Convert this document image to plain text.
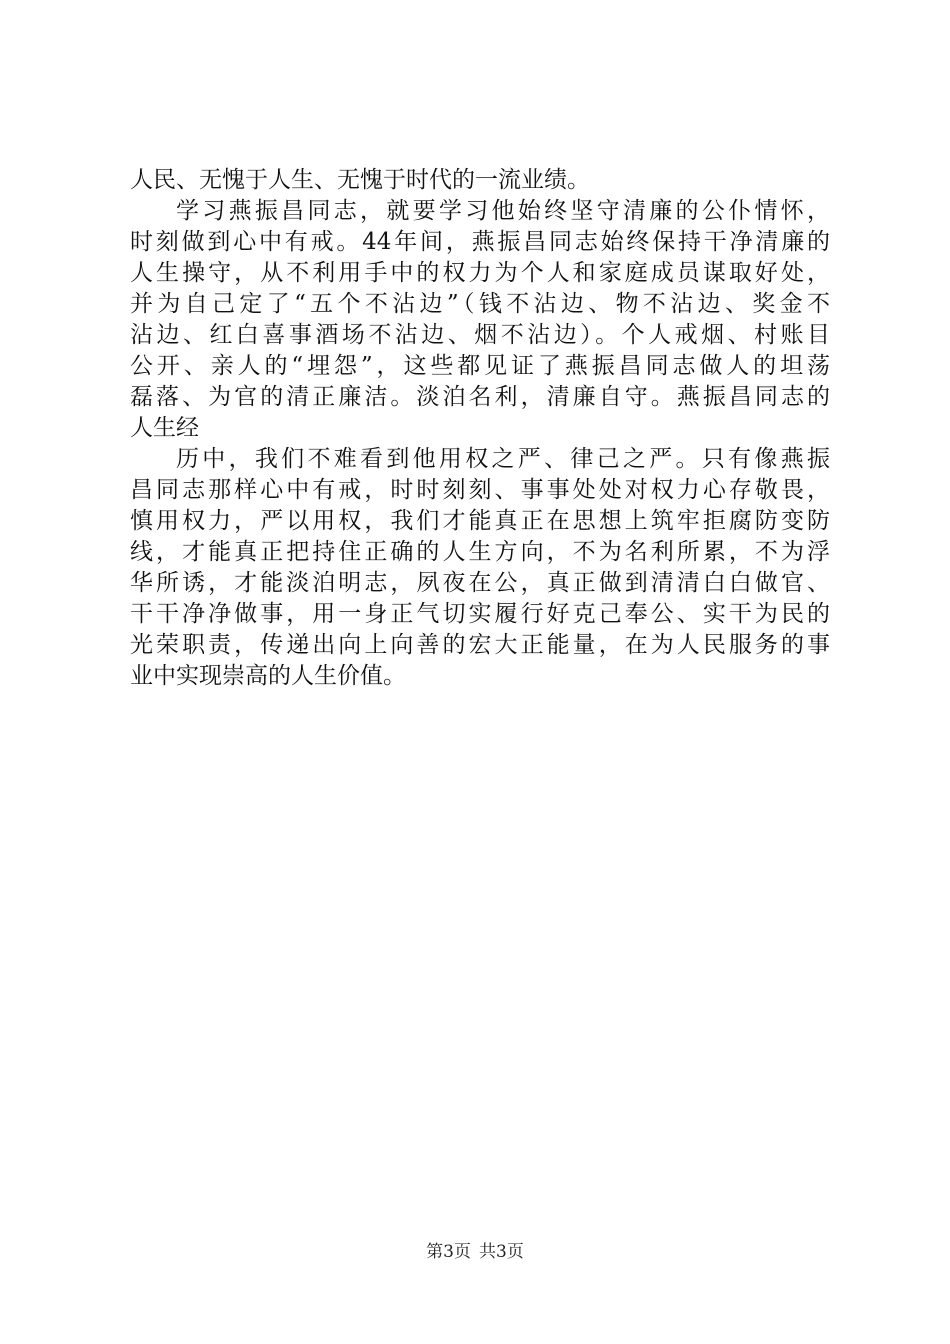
人民、无愧于人生、无愧于时代的一流业绩。
学习燕振昌同志，就要学习他始终坚守清廉的公仆情怀，
时刻做到心中有戒。44年间，燕振昌同志始终保持干净清廉的
人生操守，从不利用手中的权力为个人和家庭成员谋取好处，
并为自己定了“五个不沾边”（钱不沾边、物不沾边、奖金不
沾边、红白喜事酒场不沾边、烟不沾边）。个人戒烟、村账目
公开、亲人的“埋怨”，这些都见证了燕振昌同志做人的坦荡
磊落、为官的清正廉洁。淡泊名利，清廉自守。燕振昌同志的
人生经
历中，我们不难看到他用权之严、律己之严。只有像燕振
昌同志那样心中有戒，时时刻刻、事事处处对权力心存敬畏，
慎用权力，严以用权，我们才能真正在思想上筑牢拒腐防变防
线，才能真正把持住正确的人生方向，不为名利所累，不为浮
华所诱，才能淡泊明志，夙夜在公，真正做到清清白白做官、
干干净净做事，用一身正气切实履行好克己奉公、实干为民的
光荣职责，传递出向上向善的宏大正能量，在为人民服务的事
业中实现崇高的人生价值。
第3页 共3页
